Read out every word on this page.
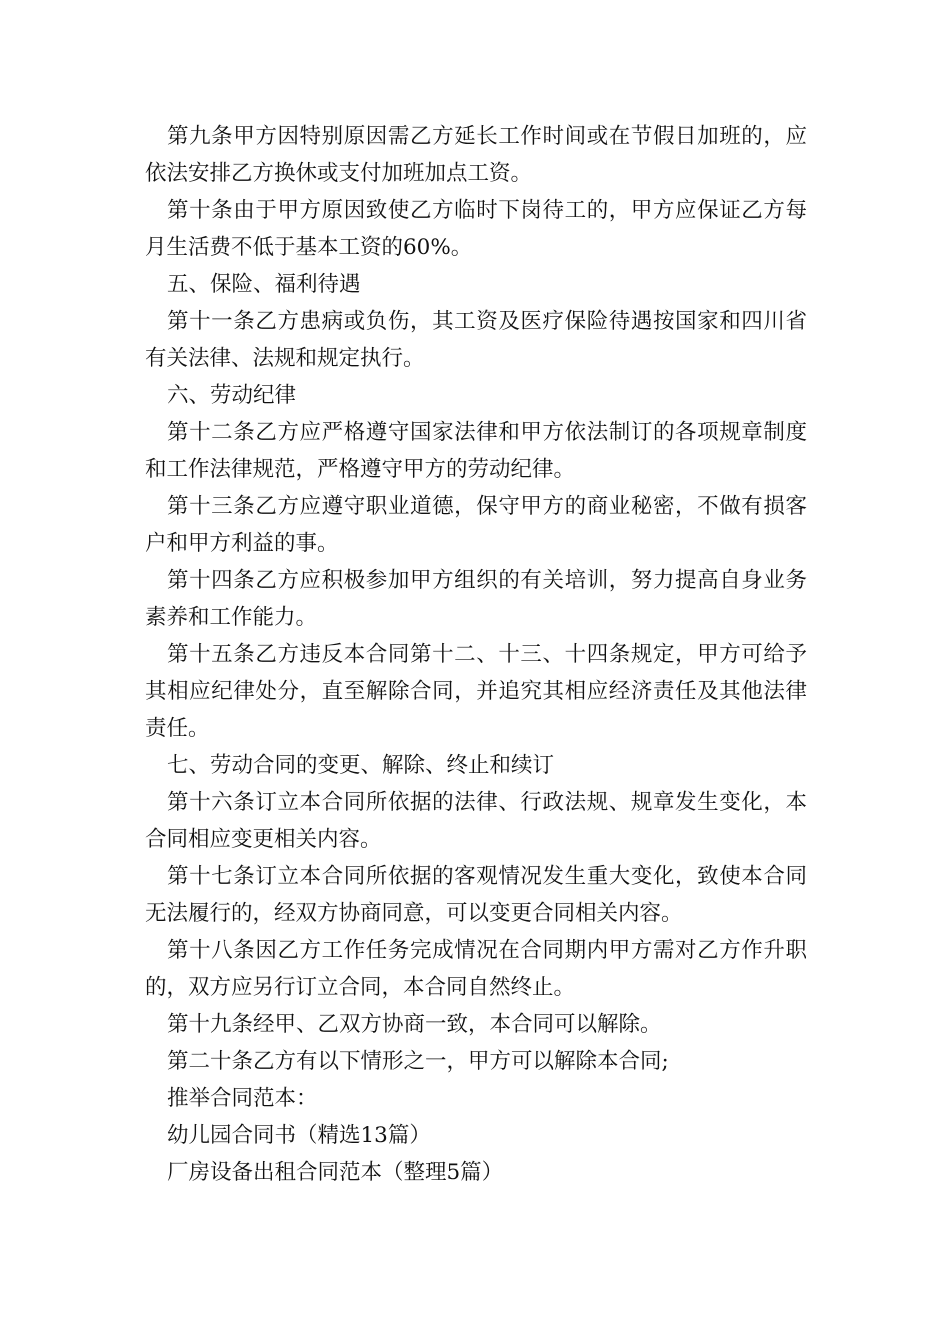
第九条甲方因特别原因需乙方延长工作时间或在节假日加班的，应依法安排乙方换休或支付加班加点工资。

第十条由于甲方原因致使乙方临时下岗待工的，甲方应保证乙方每月生活费不低于基本工资的60%。

五、保险、福利待遇

第十一条乙方患病或负伤，其工资及医疗保险待遇按国家和四川省有关法律、法规和规定执行。

六、劳动纪律

第十二条乙方应严格遵守国家法律和甲方依法制订的各项规章制度和工作法律规范，严格遵守甲方的劳动纪律。

第十三条乙方应遵守职业道德，保守甲方的商业秘密，不做有损客户和甲方利益的事。

第十四条乙方应积极参加甲方组织的有关培训，努力提高自身业务素养和工作能力。

第十五条乙方违反本合同第十二、十三、十四条规定，甲方可给予其相应纪律处分，直至解除合同，并追究其相应经济责任及其他法律责任。

七、劳动合同的变更、解除、终止和续订

第十六条订立本合同所依据的法律、行政法规、规章发生变化，本合同相应变更相关内容。

第十七条订立本合同所依据的客观情况发生重大变化，致使本合同无法履行的，经双方协商同意，可以变更合同相关内容。

第十八条因乙方工作任务完成情况在合同期内甲方需对乙方作升职的，双方应另行订立合同，本合同自然终止。

第十九条经甲、乙双方协商一致，本合同可以解除。

第二十条乙方有以下情形之一，甲方可以解除本合同;

推举合同范本：

幼儿园合同书（精选13篇）

厂房设备出租合同范本（整理5篇）
